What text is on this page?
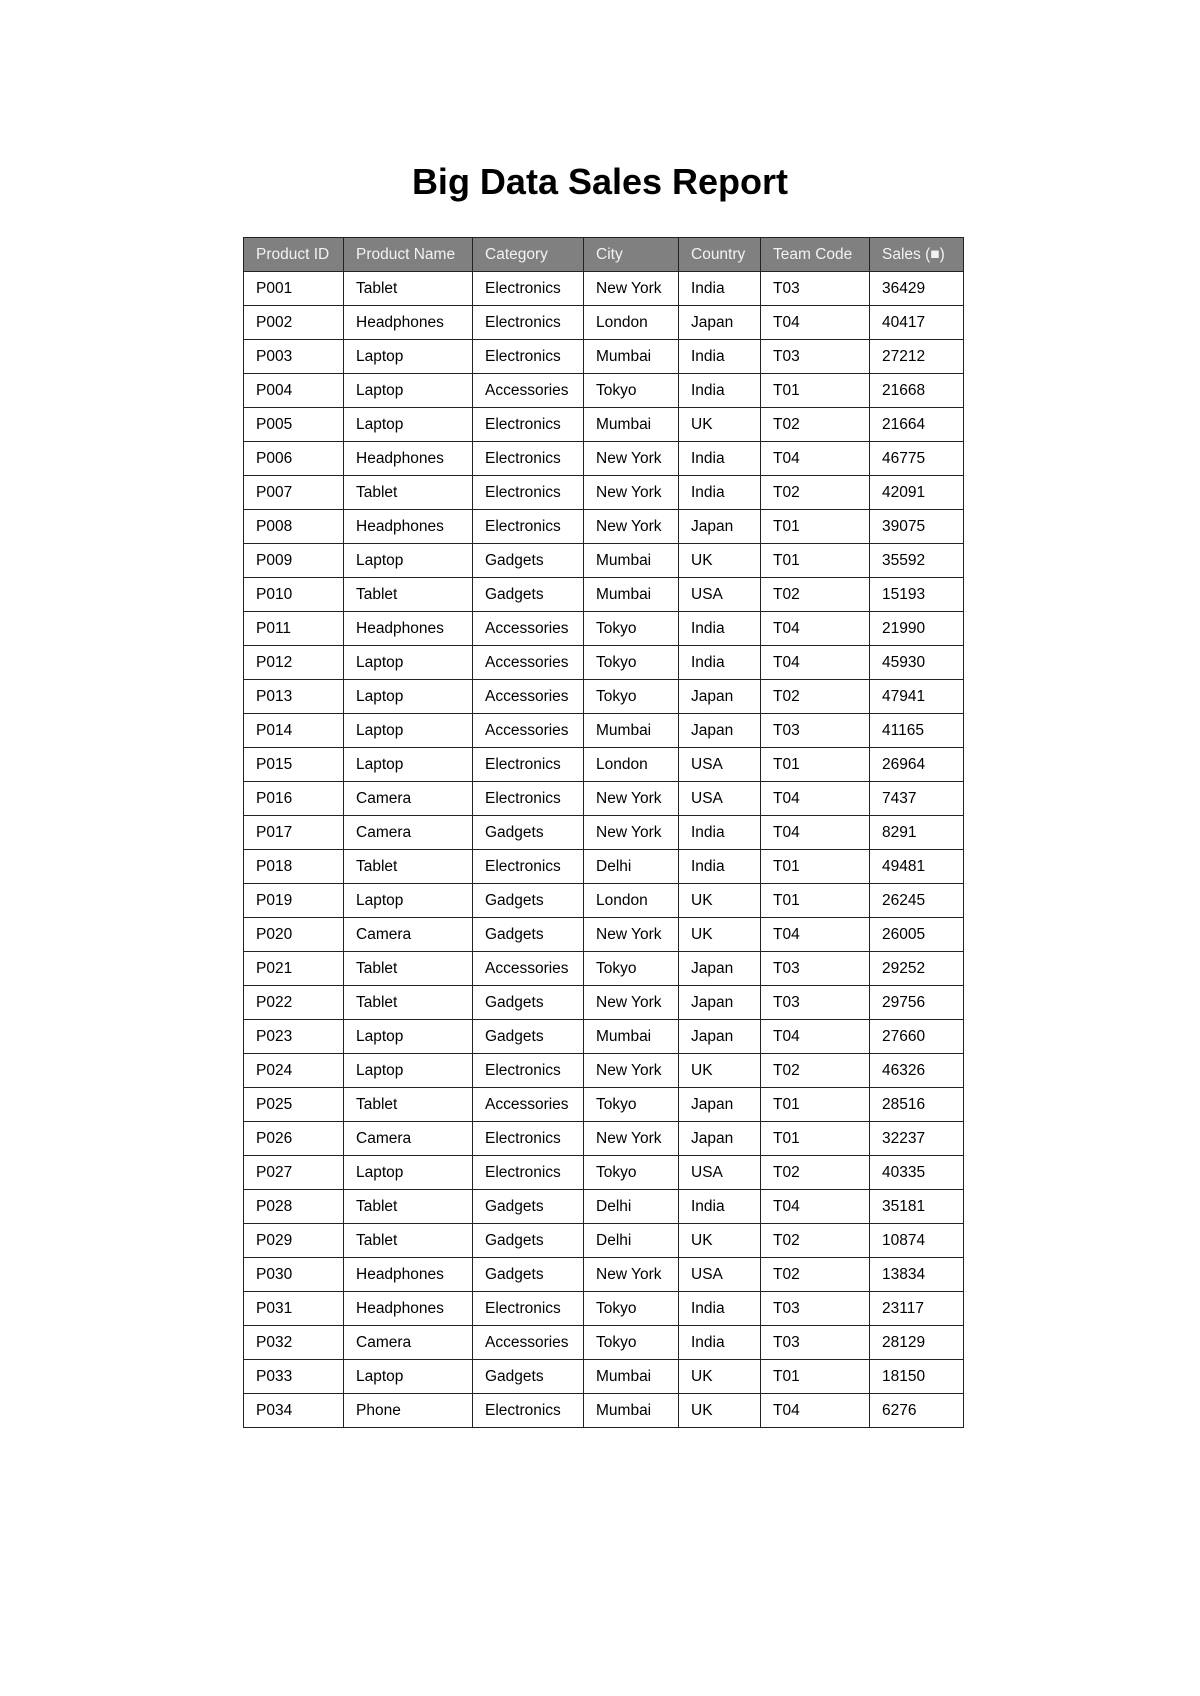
Big Data Sales Report
Product ID	Product Name	Category	City	Country	Team Code	Sales (■)
P001	Tablet	Electronics	New York	India	T03	36429
P002	Headphones	Electronics	London	Japan	T04	40417
P003	Laptop	Electronics	Mumbai	India	T03	27212
P004	Laptop	Accessories	Tokyo	India	T01	21668
P005	Laptop	Electronics	Mumbai	UK	T02	21664
P006	Headphones	Electronics	New York	India	T04	46775
P007	Tablet	Electronics	New York	India	T02	42091
P008	Headphones	Electronics	New York	Japan	T01	39075
P009	Laptop	Gadgets	Mumbai	UK	T01	35592
P010	Tablet	Gadgets	Mumbai	USA	T02	15193
P011	Headphones	Accessories	Tokyo	India	T04	21990
P012	Laptop	Accessories	Tokyo	India	T04	45930
P013	Laptop	Accessories	Tokyo	Japan	T02	47941
P014	Laptop	Accessories	Mumbai	Japan	T03	41165
P015	Laptop	Electronics	London	USA	T01	26964
P016	Camera	Electronics	New York	USA	T04	7437
P017	Camera	Gadgets	New York	India	T04	8291
P018	Tablet	Electronics	Delhi	India	T01	49481
P019	Laptop	Gadgets	London	UK	T01	26245
P020	Camera	Gadgets	New York	UK	T04	26005
P021	Tablet	Accessories	Tokyo	Japan	T03	29252
P022	Tablet	Gadgets	New York	Japan	T03	29756
P023	Laptop	Gadgets	Mumbai	Japan	T04	27660
P024	Laptop	Electronics	New York	UK	T02	46326
P025	Tablet	Accessories	Tokyo	Japan	T01	28516
P026	Camera	Electronics	New York	Japan	T01	32237
P027	Laptop	Electronics	Tokyo	USA	T02	40335
P028	Tablet	Gadgets	Delhi	India	T04	35181
P029	Tablet	Gadgets	Delhi	UK	T02	10874
P030	Headphones	Gadgets	New York	USA	T02	13834
P031	Headphones	Electronics	Tokyo	India	T03	23117
P032	Camera	Accessories	Tokyo	India	T03	28129
P033	Laptop	Gadgets	Mumbai	UK	T01	18150
P034	Phone	Electronics	Mumbai	UK	T04	6276
